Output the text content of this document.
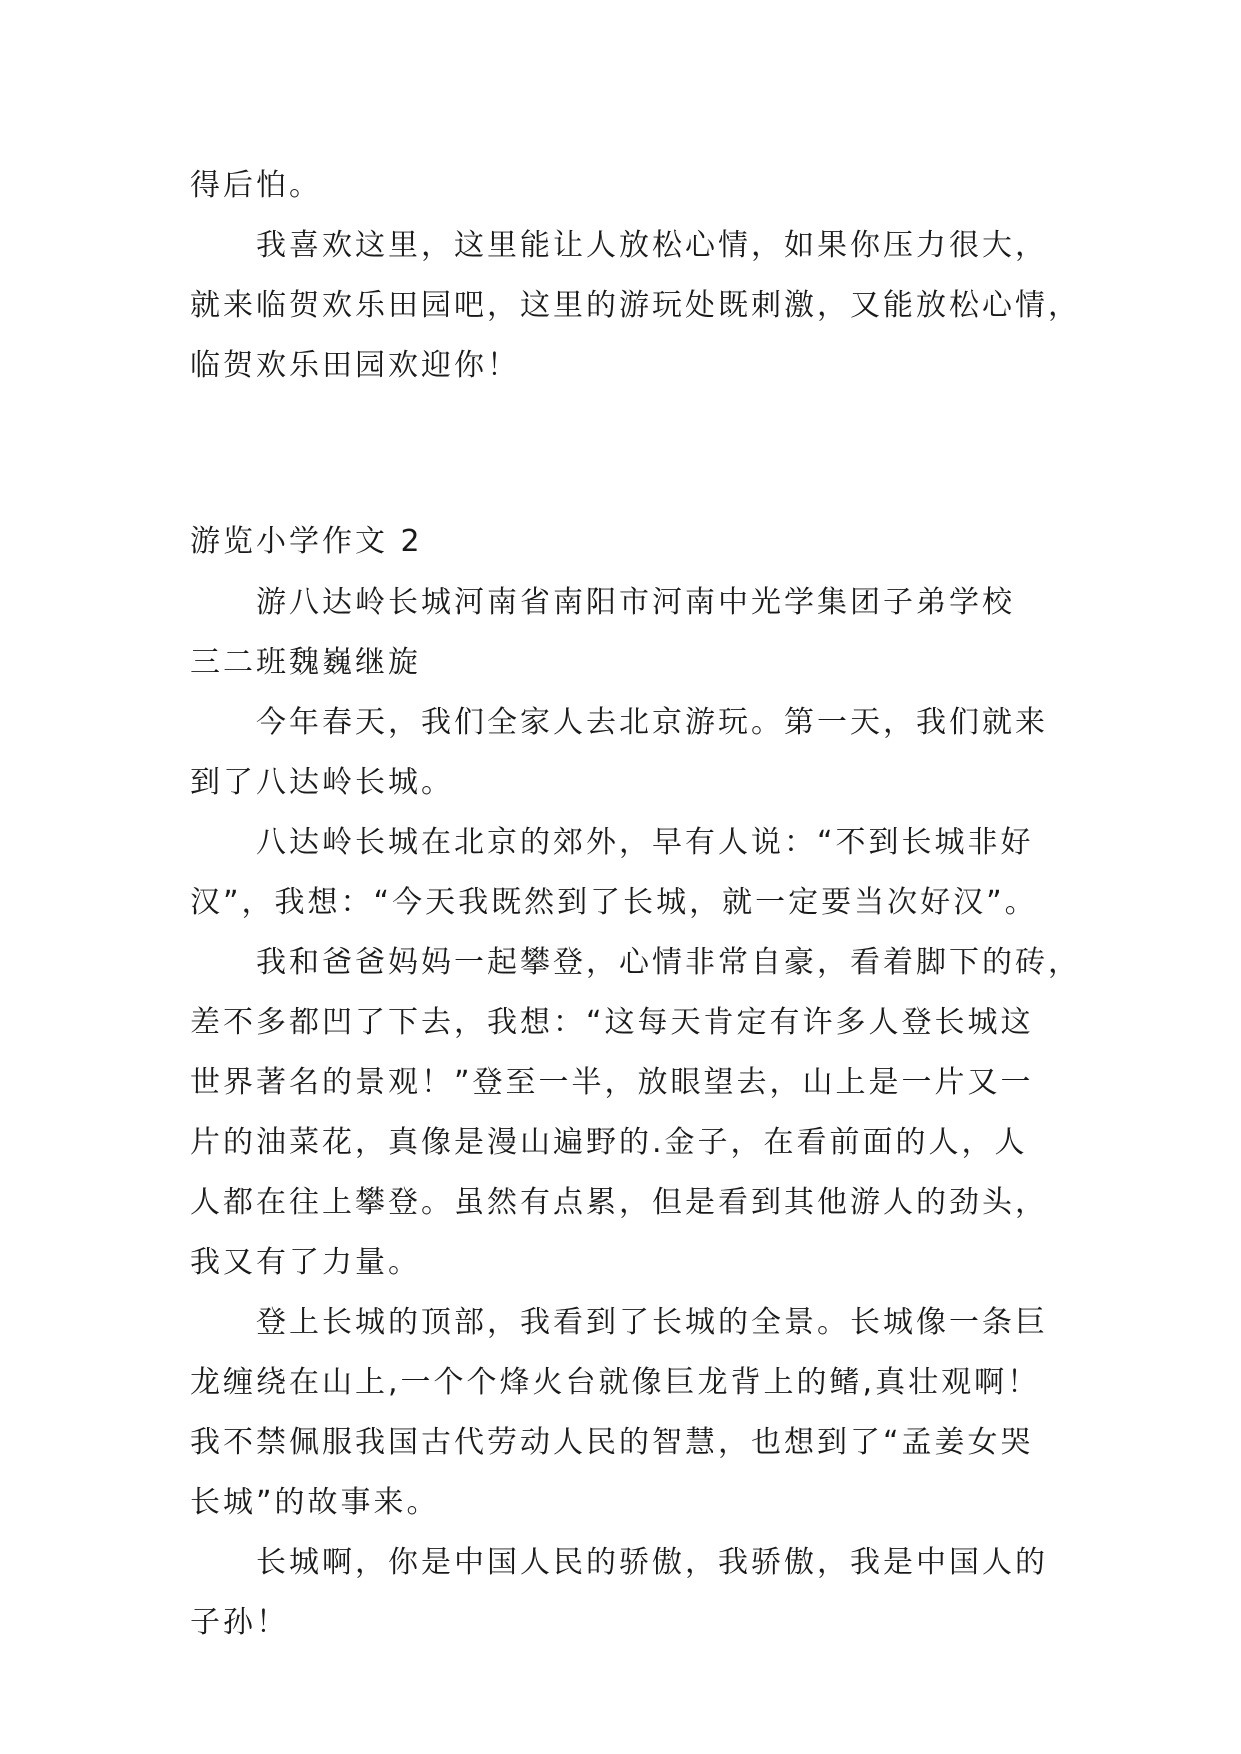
得后怕。
我喜欢这里，这里能让人放松心情，如果你压力很大，
就来临贺欢乐田园吧，这里的游玩处既刺激，又能放松心情，
临贺欢乐田园欢迎你！
游览小学作文 2
游八达岭长城河南省南阳市河南中光学集团子弟学校
三二班魏巍继旋
今年春天，我们全家人去北京游玩。第一天，我们就来
到了八达岭长城。
八达岭长城在北京的郊外，早有人说：“不到长城非好
汉”，我想：“今天我既然到了长城，就一定要当次好汉”。
我和爸爸妈妈一起攀登，心情非常自豪，看着脚下的砖，
差不多都凹了下去，我想：“这每天肯定有许多人登长城这
世界著名的景观！”登至一半，放眼望去，山上是一片又一
片的油菜花，真像是漫山遍野的.金子，在看前面的人，人
人都在往上攀登。虽然有点累，但是看到其他游人的劲头，
我又有了力量。
登上长城的顶部，我看到了长城的全景。长城像一条巨
龙缠绕在山上,一个个烽火台就像巨龙背上的鳍,真壮观啊！
我不禁佩服我国古代劳动人民的智慧，也想到了“孟姜女哭
长城”的故事来。
长城啊，你是中国人民的骄傲，我骄傲，我是中国人的
子孙！
